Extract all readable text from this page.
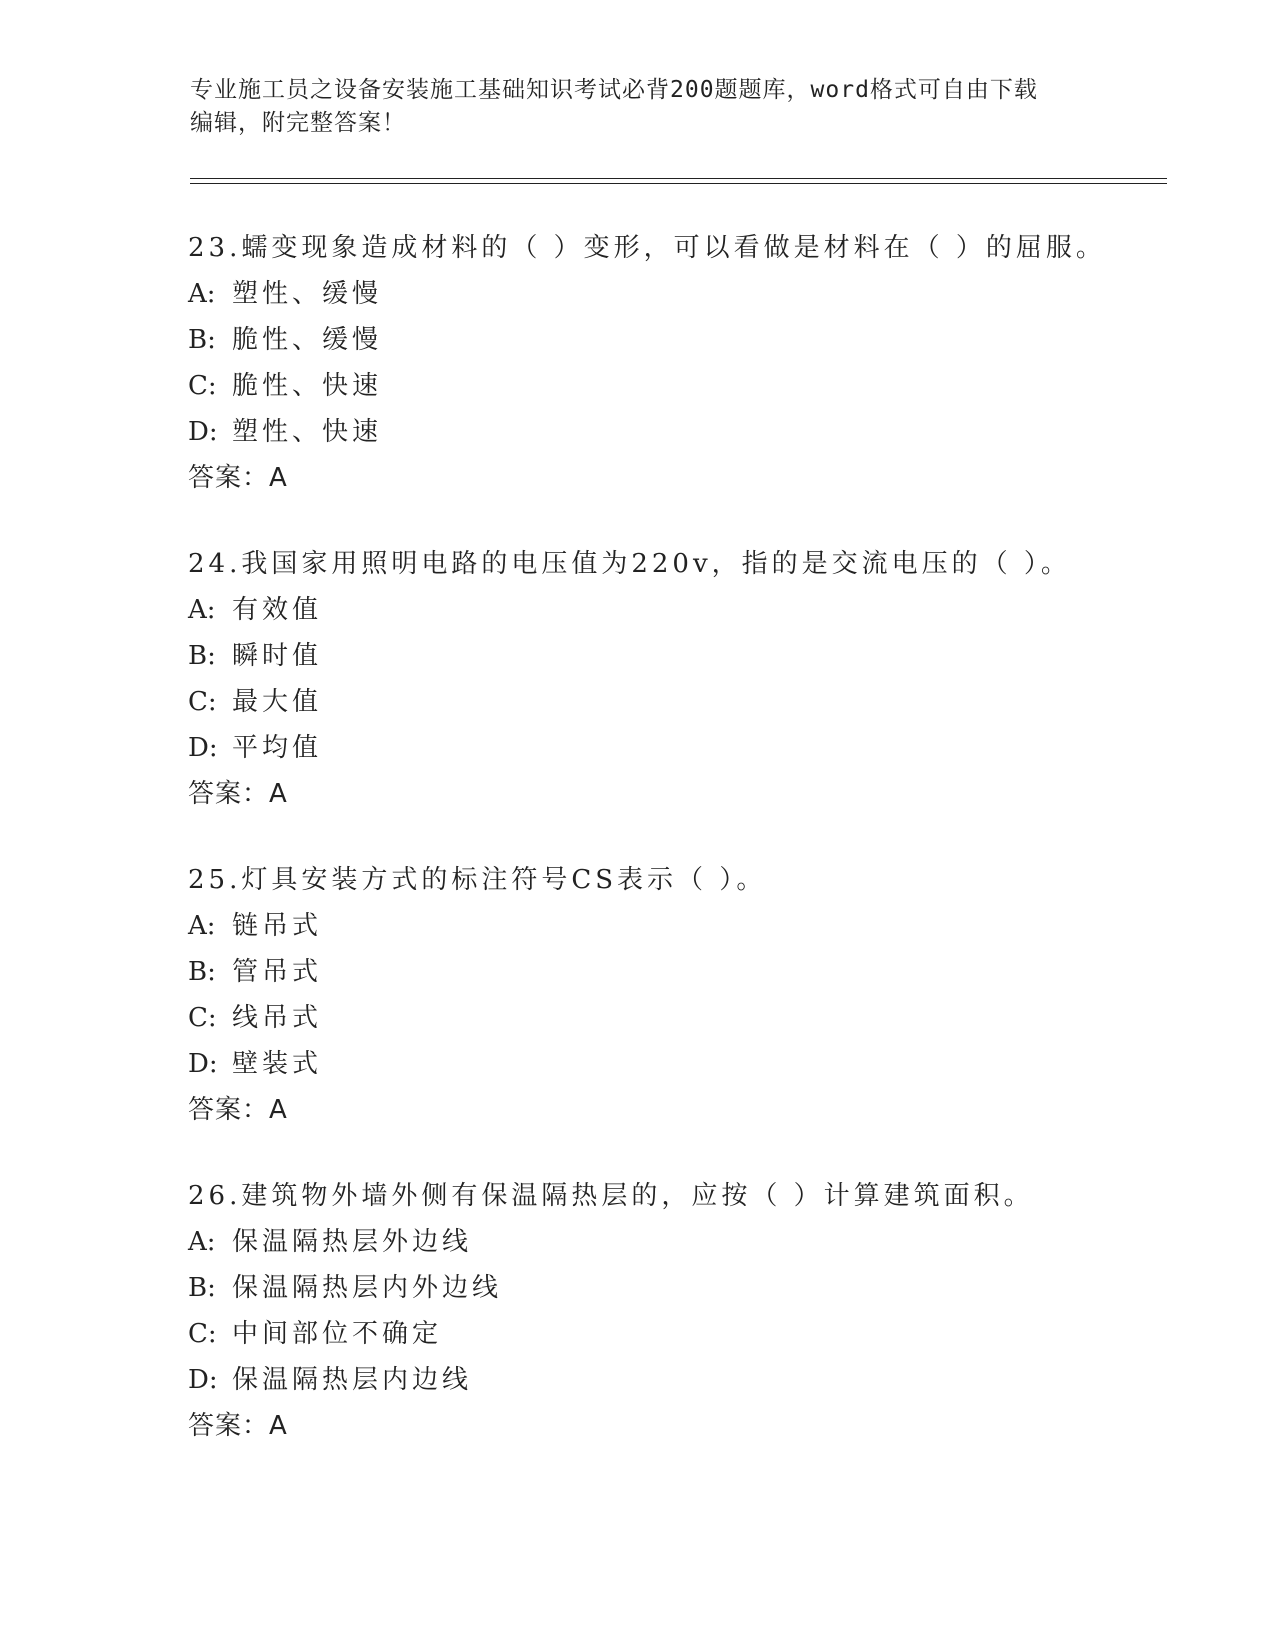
专业施工员之设备安装施工基础知识考试必背200题题库，word格式可自由下载
编辑，附完整答案！
23.蠕变现象造成材料的（ ）变形，可以看做是材料在（ ）的屈服。
A: 塑性、缓慢
B: 脆性、缓慢
C: 脆性、快速
D: 塑性、快速
答案：A
24.我国家用照明电路的电压值为220v，指的是交流电压的（ ）。
A: 有效值
B: 瞬时值
C: 最大值
D: 平均值
答案：A
25.灯具安装方式的标注符号CS表示（ ）。
A: 链吊式
B: 管吊式
C: 线吊式
D: 壁装式
答案：A
26.建筑物外墙外侧有保温隔热层的，应按（ ）计算建筑面积。
A: 保温隔热层外边线
B: 保温隔热层内外边线
C: 中间部位不确定
D: 保温隔热层内边线
答案：A
